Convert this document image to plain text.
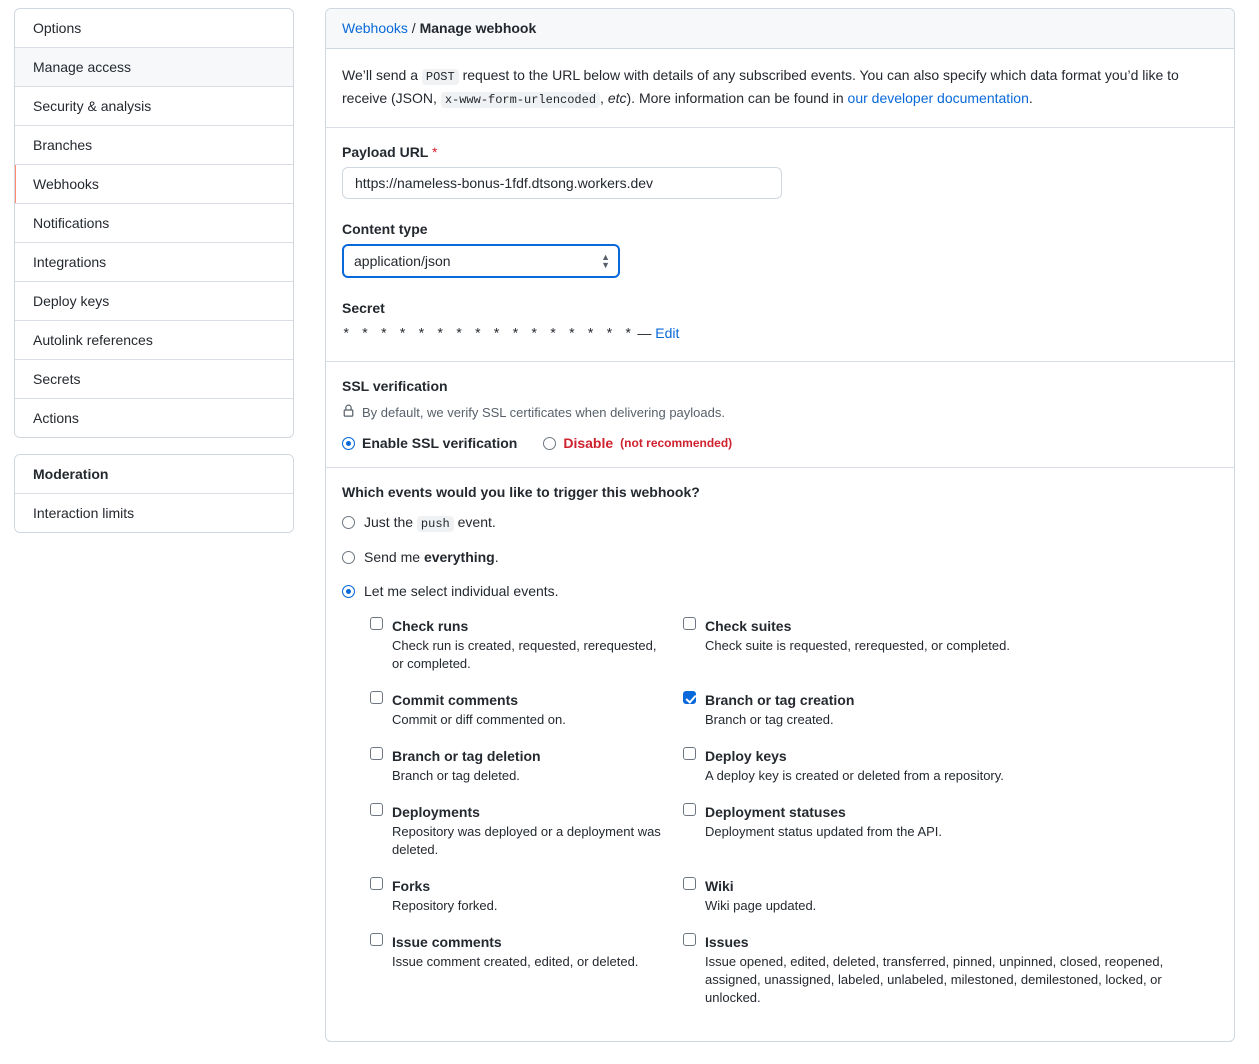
Options
Manage access
Security & analysis
Branches
Webhooks
Notifications
Integrations
Deploy keys
Autolink references
Secrets
Actions
Moderation
Interaction limits
Webhooks / Manage webhook
We’ll send a POST request to the URL below with details of any subscribed events. You can also specify which data format you’d like to receive (JSON, x-www-form-urlencoded , etc). More information can be found in our developer documentation.
Payload URL *
https://nameless-bonus-1fdf.dtsong.workers.dev
Content type
application/json
▲
▼
Secret
* * * * * * * * * * * * * * * * — Edit
SSL verification
By default, we verify SSL certificates when delivering payloads.
Enable SSL verification	Disable (not recommended)
Which events would you like to trigger this webhook?
Just the push event.
Send me everything.
Let me select individual events.
Check runs
Check run is created, requested, rerequested, or completed.
Check suites
Check suite is requested, rerequested, or completed.
Commit comments
Commit or diff commented on.
Branch or tag creation
Branch or tag created.
Branch or tag deletion
Branch or tag deleted.
Deploy keys
A deploy key is created or deleted from a repository.
Deployments
Repository was deployed or a deployment was deleted.
Deployment statuses
Deployment status updated from the API.
Forks
Repository forked.
Wiki
Wiki page updated.
Issue comments
Issue comment created, edited, or deleted.
Issues
Issue opened, edited, deleted, transferred, pinned, unpinned, closed, reopened, assigned, unassigned, labeled, unlabeled, milestoned, demilestoned, locked, or unlocked.
